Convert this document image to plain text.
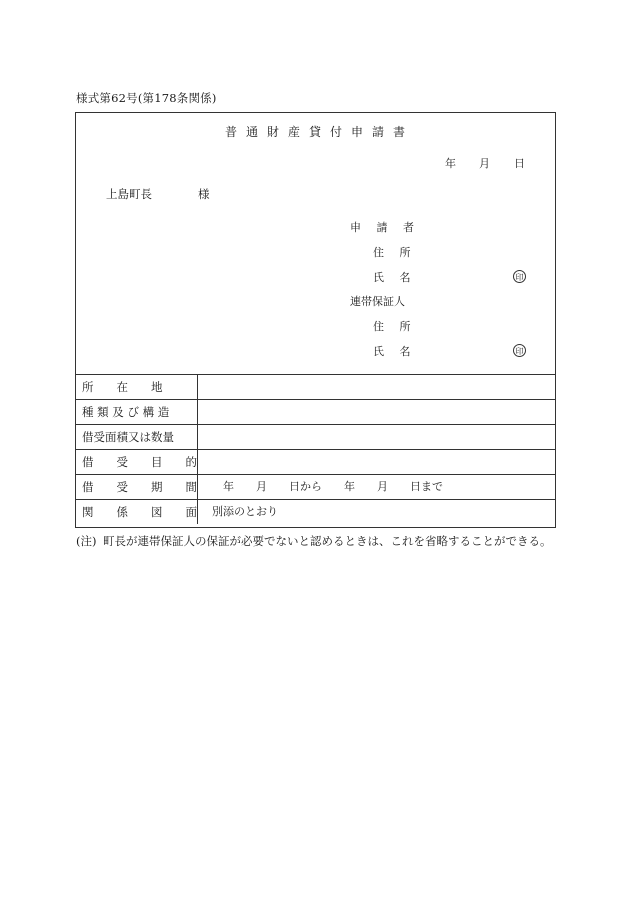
様式第62号(第178条関係)
普通財産貸付申請書
年 月 日
上島町長	様
申 請 者
住 所
氏 名	印
連帯保証人
住 所
氏 名	印
所　　在　　地
種 類 及 び 構 造
借受面積又は数量
借　　受　　目　　的
借　　受　　期　　間	　年　　月　　日から　　年　　月　　日まで
関　　係　　図　　面	別添のとおり
(注) 町長が連帯保証人の保証が必要でないと認めるときは、これを省略することができる。
